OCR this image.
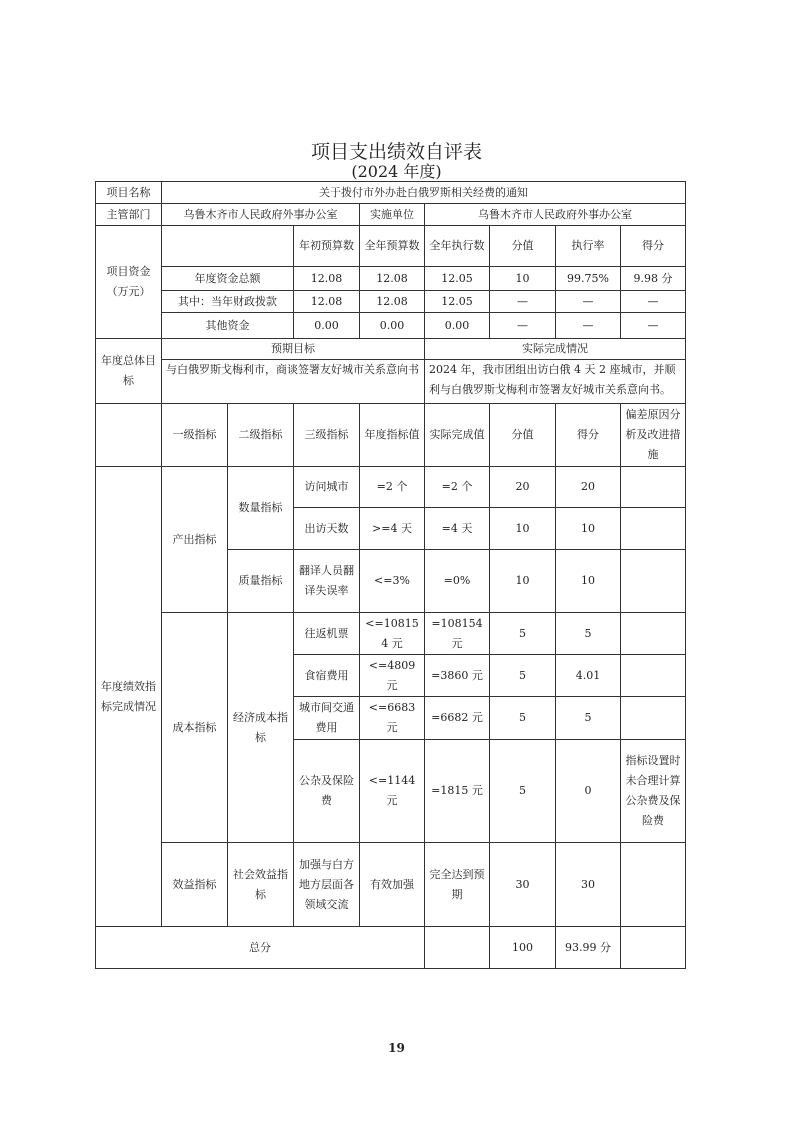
项目支出绩效自评表
(2024 年度)
项目名称	关于拨付市外办赴白俄罗斯相关经费的通知							
主管部门	乌鲁木齐市人民政府外事办公室			实施单位	乌鲁木齐市人民政府外事办公室			
项目资金（万元）			年初预算数	全年预算数	全年执行数	分值	执行率	得分
	年度资金总额		12.08	12.08	12.05	10	99.75%	9.98 分
	其中：当年财政拨款		12.08	12.08	12.05	—	—	—
	其他资金		0.00	0.00	0.00	—	—	—
年度总体目标	预期目标				实际完成情况			
	与白俄罗斯戈梅利市，商谈签署友好城市关系意向书				2024 年，我市团组出访白俄 4 天 2 座城市，并顺利与白俄罗斯戈梅利市签署友好城市关系意向书。			
	一级指标	二级指标	三级指标	年度指标值	实际完成值	分值	得分	偏差原因分析及改进措施
年度绩效指标完成情况	产出指标	数量指标	访问城市	=2 个	=2 个	20	20	
			出访天数	>=4 天	=4 天	10	10	
		质量指标	翻译人员翻译失误率	<=3%	=0%	10	10	
	成本指标	经济成本指标	往返机票	<=108154 元	=108154 元	5	5	
			食宿费用	<=4809 元	=3860 元	5	4.01	
			城市间交通费用	<=6683 元	=6682 元	5	5	
			公杂及保险费	<=1144 元	=1815 元	5	0	指标设置时未合理计算公杂费及保险费
	效益指标	社会效益指标	加强与白方地方层面各领域交流	有效加强	完全达到预期	30	30	
总分						100	93.99 分	
19
